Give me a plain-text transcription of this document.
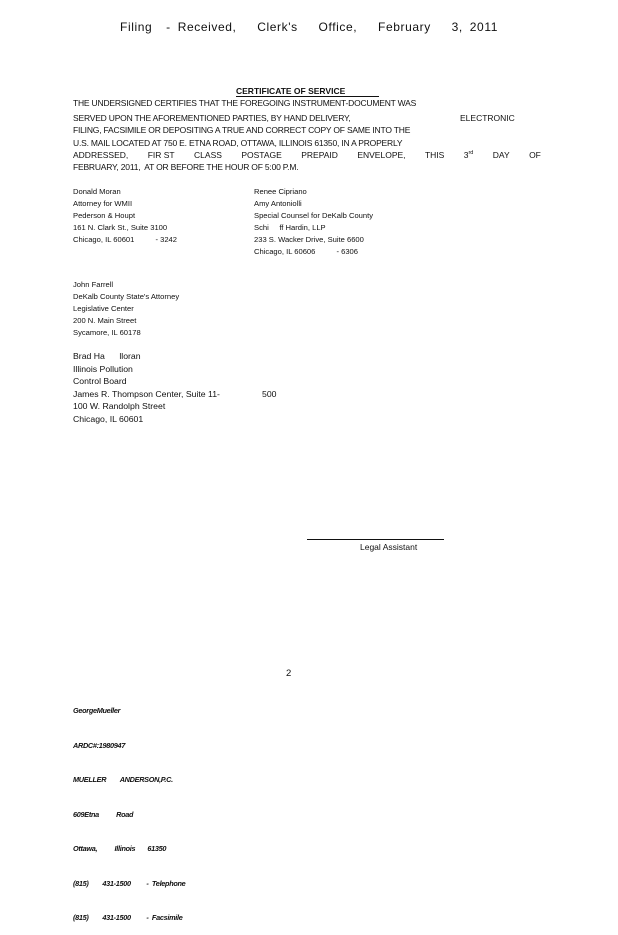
Filing  - Received,   Clerk's   Office,   February   3, 2011
CERTIFICATE OF SERVICE
THE UNDERSIGNED CERTIFIES THAT THE FOREGOING INSTRUMENT-DOCUMENT WAS
SERVED UPON THE AFOREMENTIONED PARTIES, BY HAND DELIVERY,	ELECTRONIC
FILING, FACSIMILE OR DEPOSITING A TRUE AND CORRECT COPY OF SAME INTO THE
U.S. MAIL LOCATED AT 750 E. ETNA ROAD, OTTAWA, ILLINOIS 61350, IN A PROPERLY
ADDRESSED, FIR ST CLASS POSTAGE PREPAID ENVELOPE, THIS 3rd DAY OF
FEBRUARY, 2011,  AT OR BEFORE THE HOUR OF 5:00 P.M.
Donald Moran
Attorney for WMII
Pederson & Houpt
161 N. Clark St., Suite 3100
Chicago, IL 60601          - 3242
Renee Cipriano
Amy Antoniolli
Special Counsel for DeKalb County
Schi     ff Hardin, LLP
233 S. Wacker Drive, Suite 6600
Chicago, IL 60606          - 6306
John Farrell
DeKalb County State's Attorney
Legislative Center
200 N. Main Street
Sycamore, IL 60178
Brad Ha      lloran
Illinois Pollution
Control Board
James R. Thompson Center, Suite 11-
100 W. Randolph Street
Chicago, IL 60601
500
Legal Assistant
2

GeorgeMueller

ARDC#:1980947

MUELLER        ANDERSON,P.C.

609Etna          Road

Ottawa,          Illinois       61350

(815)        431-1500         -  Telephone

(815)        431-1500         -  Facsimile
